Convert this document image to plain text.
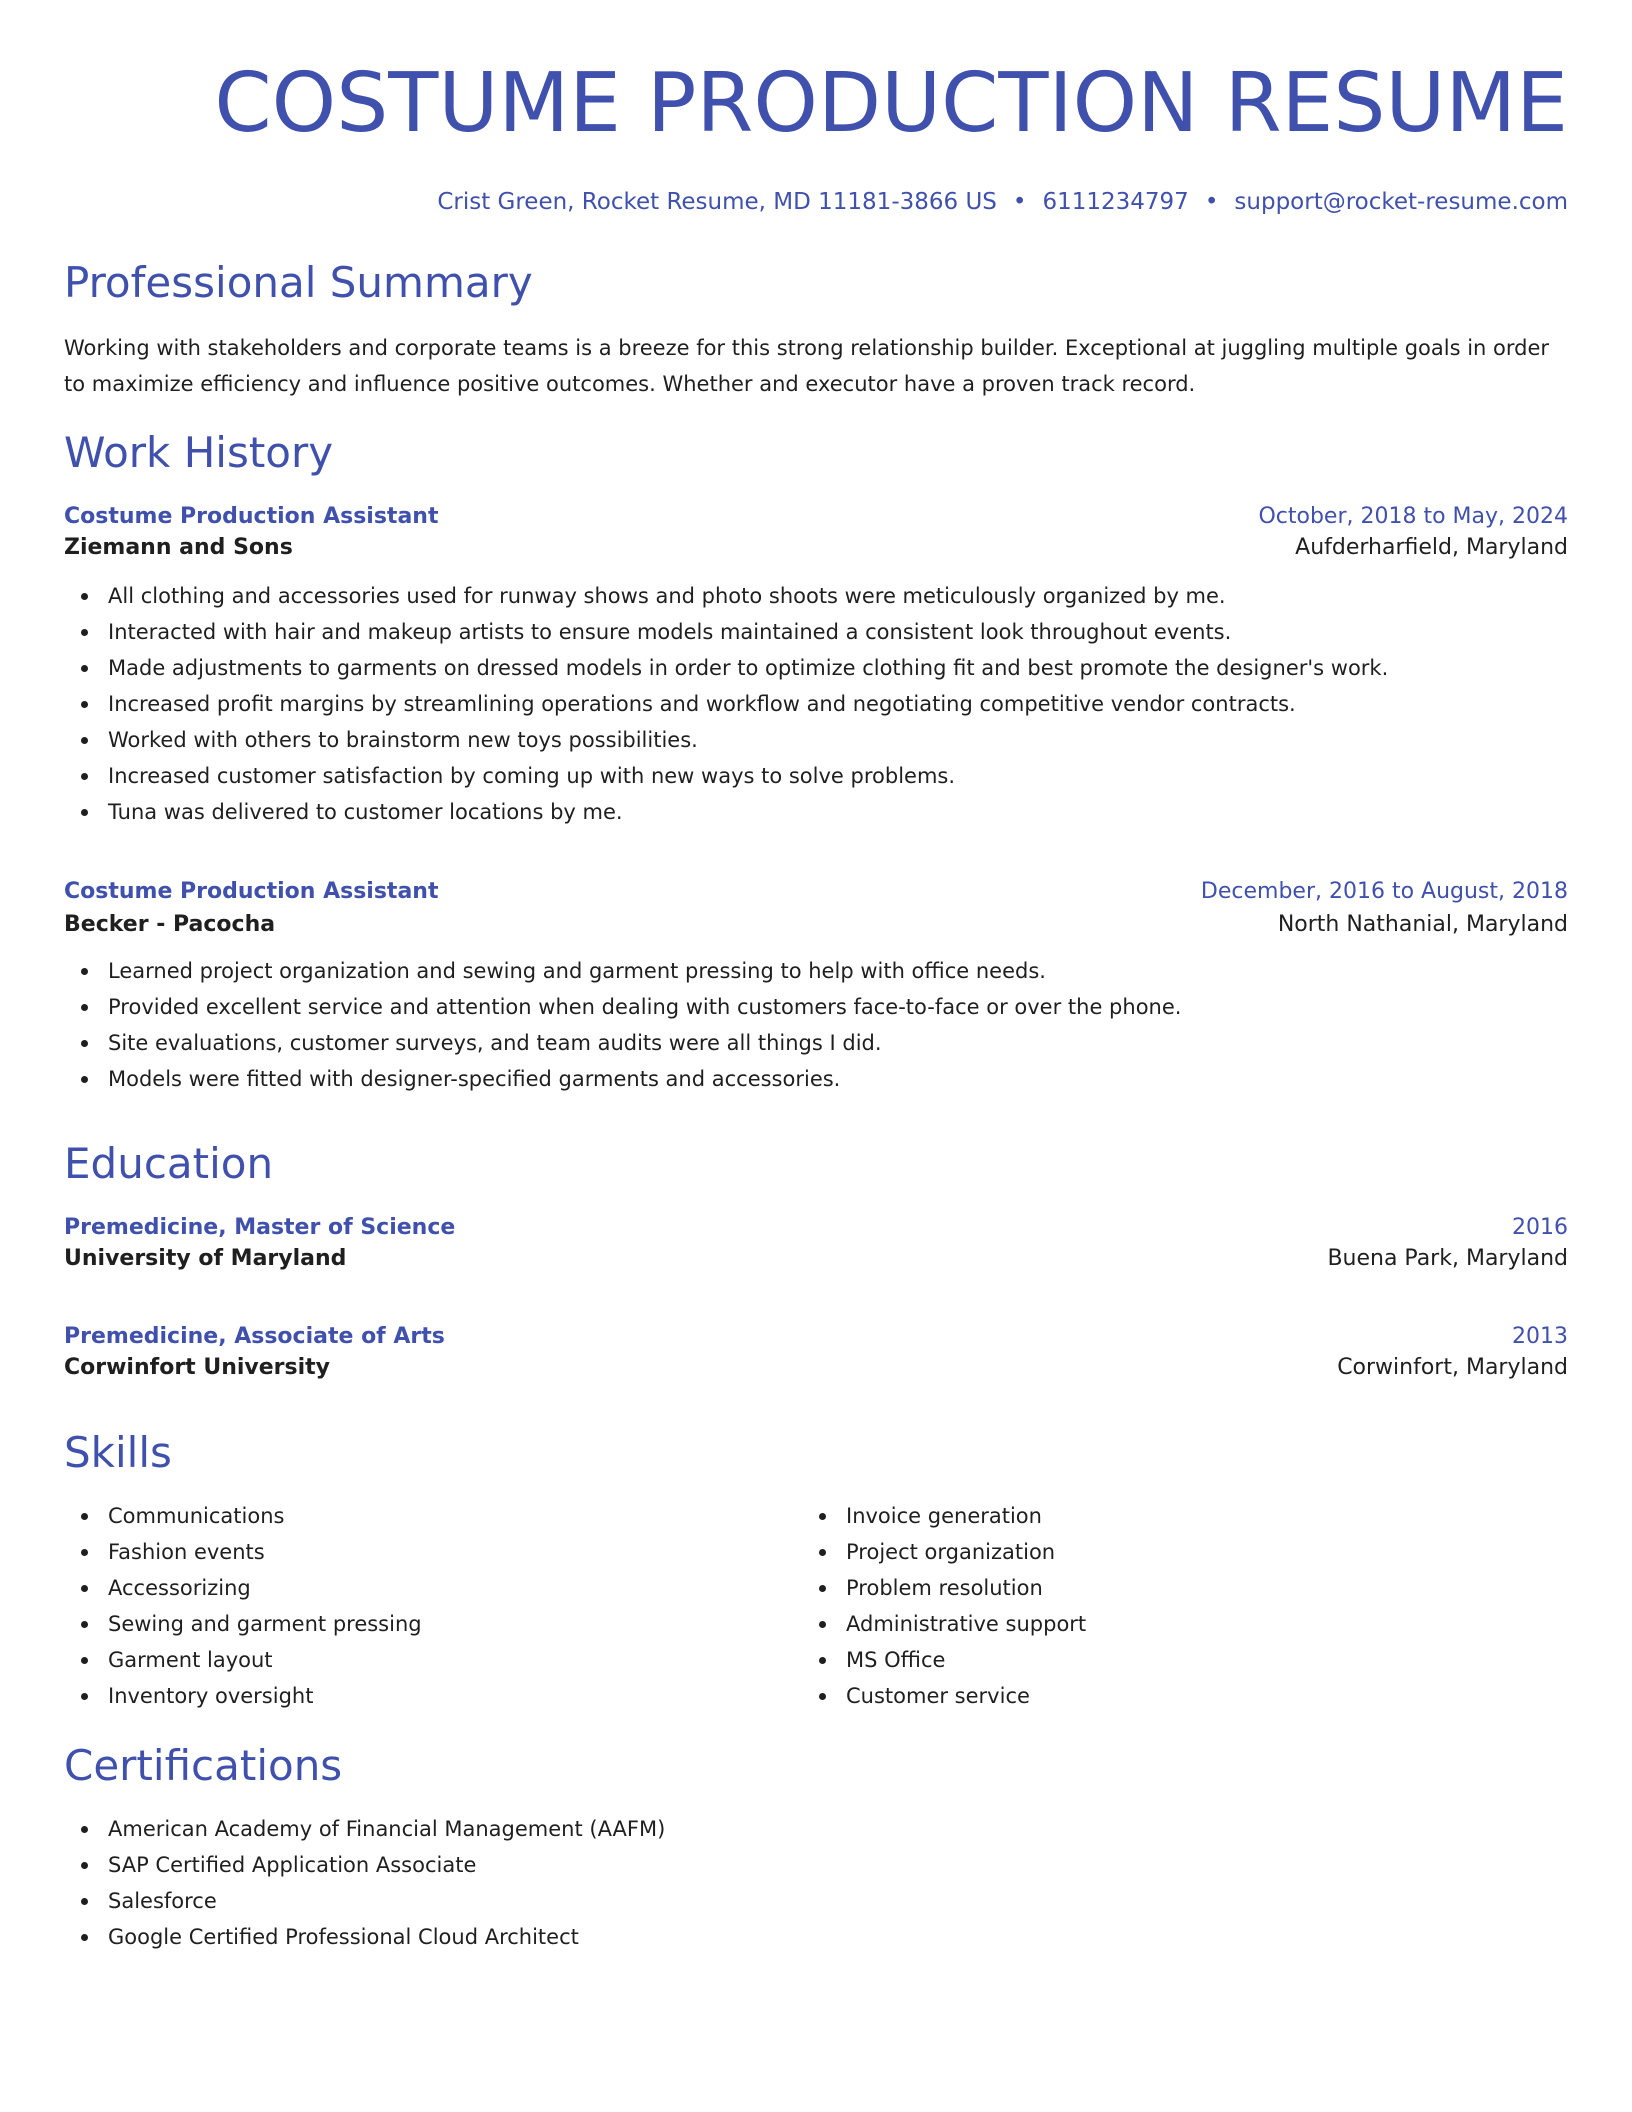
COSTUME PRODUCTION RESUME
Crist Green, Rocket Resume, MD 11181-3866 US • 6111234797 • support@rocket-resume.com
Professional Summary

Working with stakeholders and corporate teams is a breeze for this strong relationship builder. Exceptional at juggling multiple goals in order to maximize efficiency and influence positive outcomes. Whether and executor have a proven track record.

Work History
Costume Production Assistant	October, 2018 to May, 2024
Ziemann and Sons	Aufderharfield, Maryland
All clothing and accessories used for runway shows and photo shoots were meticulously organized by me.
Interacted with hair and makeup artists to ensure models maintained a consistent look throughout events.
Made adjustments to garments on dressed models in order to optimize clothing fit and best promote the designer's work.
Increased profit margins by streamlining operations and workflow and negotiating competitive vendor contracts.
Worked with others to brainstorm new toys possibilities.
Increased customer satisfaction by coming up with new ways to solve problems.
Tuna was delivered to customer locations by me.
Costume Production Assistant	December, 2016 to August, 2018
Becker - Pacocha	North Nathanial, Maryland
Learned project organization and sewing and garment pressing to help with office needs.
Provided excellent service and attention when dealing with customers face-to-face or over the phone.
Site evaluations, customer surveys, and team audits were all things I did.
Models were fitted with designer-specified garments and accessories.
Education
Premedicine, Master of Science	2016
University of Maryland	Buena Park, Maryland
Premedicine, Associate of Arts	2013
Corwinfort University	Corwinfort, Maryland
Skills
Communications
Fashion events
Accessorizing
Sewing and garment pressing
Garment layout
Inventory oversight
Invoice generation
Project organization
Problem resolution
Administrative support
MS Office
Customer service
Certifications
American Academy of Financial Management (AAFM)
SAP Certified Application Associate
Salesforce
Google Certified Professional Cloud Architect
